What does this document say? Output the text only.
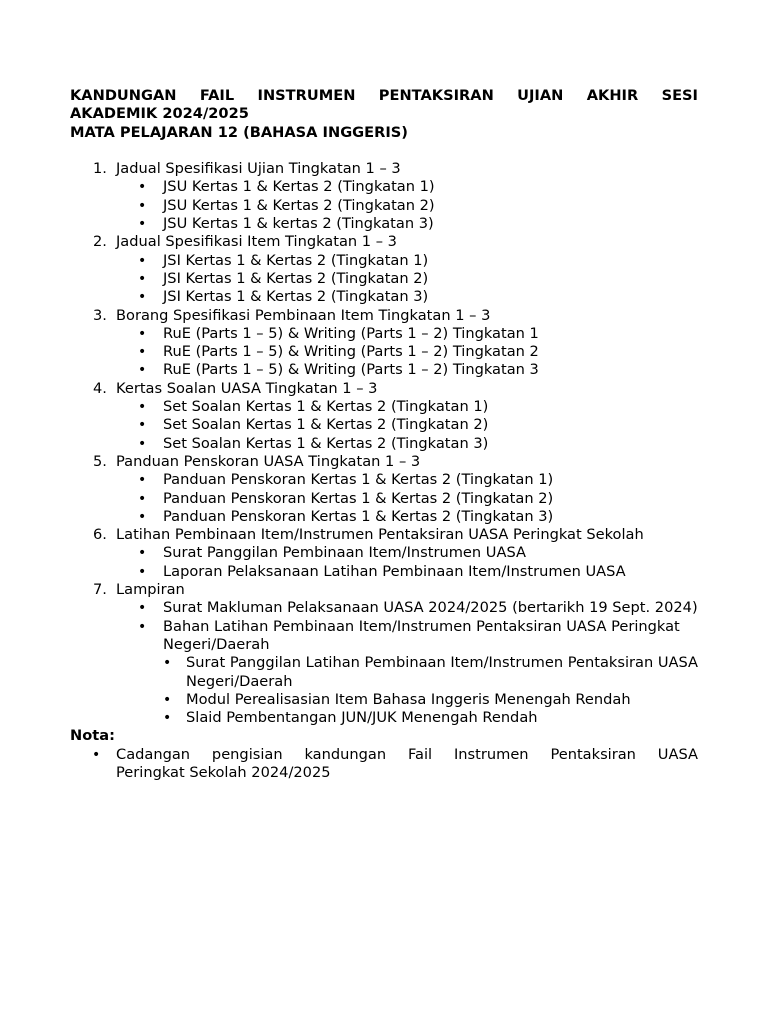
KANDUNGAN FAIL INSTRUMEN PENTAKSIRAN UJIAN AKHIR SESI
AKADEMIK 2024/2025
MATA PELAJARAN 12 (BAHASA INGGERIS)
1. Jadual Spesifikasi Ujian Tingkatan 1 – 3
• JSU Kertas 1 & Kertas 2 (Tingkatan 1)
• JSU Kertas 1 & Kertas 2 (Tingkatan 2)
• JSU Kertas 1 & kertas 2 (Tingkatan 3)
2. Jadual Spesifikasi Item Tingkatan 1 – 3
• JSI Kertas 1 & Kertas 2 (Tingkatan 1)
• JSI Kertas 1 & Kertas 2 (Tingkatan 2)
• JSI Kertas 1 & Kertas 2 (Tingkatan 3)
3. Borang Spesifikasi Pembinaan Item Tingkatan 1 – 3
• RuE (Parts 1 – 5) & Writing (Parts 1 – 2) Tingkatan 1
• RuE (Parts 1 – 5) & Writing (Parts 1 – 2) Tingkatan 2
• RuE (Parts 1 – 5) & Writing (Parts 1 – 2) Tingkatan 3
4. Kertas Soalan UASA Tingkatan 1 – 3
• Set Soalan Kertas 1 & Kertas 2 (Tingkatan 1)
• Set Soalan Kertas 1 & Kertas 2 (Tingkatan 2)
• Set Soalan Kertas 1 & Kertas 2 (Tingkatan 3)
5. Panduan Penskoran UASA Tingkatan 1 – 3
• Panduan Penskoran Kertas 1 & Kertas 2 (Tingkatan 1)
• Panduan Penskoran Kertas 1 & Kertas 2 (Tingkatan 2)
• Panduan Penskoran Kertas 1 & Kertas 2 (Tingkatan 3)
6. Latihan Pembinaan Item/Instrumen Pentaksiran UASA Peringkat Sekolah
• Surat Panggilan Pembinaan Item/Instrumen UASA
• Laporan Pelaksanaan Latihan Pembinaan Item/Instrumen UASA
7. Lampiran
• Surat Makluman Pelaksanaan UASA 2024/2025 (bertarikh 19 Sept. 2024)
• Bahan Latihan Pembinaan Item/Instrumen Pentaksiran UASA Peringkat Negeri/Daerah
• Surat Panggilan Latihan Pembinaan Item/Instrumen Pentaksiran UASA Negeri/Daerah
• Modul Perealisasian Item Bahasa Inggeris Menengah Rendah
• Slaid Pembentangan JUN/JUK Menengah Rendah
Nota:
• Cadangan pengisian kandungan Fail Instrumen Pentaksiran UASA
Peringkat Sekolah 2024/2025
